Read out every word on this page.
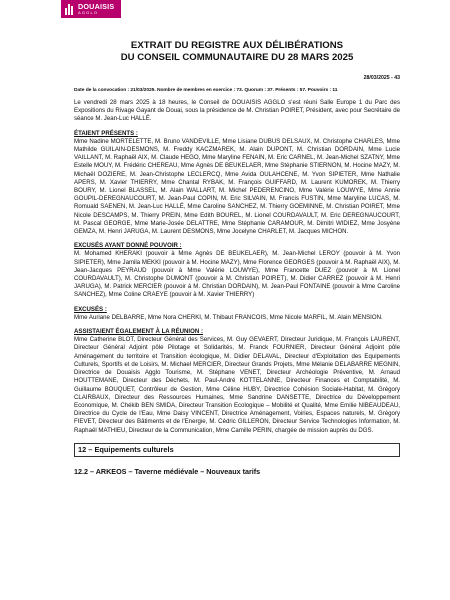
DOUAISIS
AGGLO
EXTRAIT DU REGISTRE AUX DÉLIBÉRATIONS
DU CONSEIL COMMUNAUTAIRE DU 28 MARS 2025
28/03/2025 - 43
Date de la convocation : 21/03/2025. Nombre de membres en exercice : 73. Quorum : 37. Présents : 57. Pouvoirs : 11

Le vendredi 28 mars 2025 à 18 heures, le Conseil de DOUAISIS AGGLO s'est réuni Salle Europe 1 du Parc des Expositions du Rivage Gayant de Douai, sous la présidence de M. Christian POIRET, Président, avec pour Secrétaire de séance M. Jean-Luc HALLÉ.

ÉTAIENT PRÉSENTS :

Mme Nadine MORTELETTE, M. Bruno VANDEVILLE, Mme Lisiane DUBUS DELSAUX, M. Christophe CHARLES, Mme Mathilde GUILAIN-DESMONS, M. Freddy KACZMAREK, M. Alain DUPONT, M. Christian DORDAIN, Mme Lucie VAILLANT, M. Raphaël AIX, M. Claude HEGO, Mme Maryline FENAIN, M. Eric CARNEL, M. Jean-Michel SZATNY, Mme Estelle MOUY, M. Frédéric CHEREAU, Mme Agnès DE BEUKELAER, Mme Stéphanie STIERNON, M. Hocine MAZY, M. Michaël DOZIERE, M. Jean-Christophe LECLERCQ, Mme Avida OULAHCENE, M. Yvon SIPIETER, Mme Nathalie APERS, M. Xavier THIERRY, Mme Chantal RYBAK, M. François GUIFFARD, M. Laurent KUMOREK, M. Thierry BOURY, M. Lionel BLASSEL, M. Alain WALLART, M. Michel PEDERENCINO, Mme Valérie LOUWYE, Mme Annie GOUPIL-DEREGNAUCOURT, M. Jean-Paul COPIN, M. Eric SILVAIN, M. Francis FUSTIN, Mme Maryline LUCAS, M. Romuald SAENEN, M. Jean-Luc HALLÉ, Mme Caroline SANCHEZ, M. Thierry GOEMINNE, M. Christian POIRET, Mme Nicole DESCAMPS, M. Thierry PREIN, Mme Edith BOUREL, M. Lionel COURDAVAULT, M. Eric DEREGNAUCOURT, M. Pascal GEORGE, Mme Marie-Josée DELATTRE, Mme Stéphanie CARAMOUR, M. Dimitri WIDIEZ, Mme Josyène GEMZA, M. Henri JARUGA, M. Laurent DESMONS, Mme Jocelyne CHARLET, M. Jacques MICHON.

EXCUSÉS AYANT DONNÉ POUVOIR :

M. Mohamed KHERAKI (pouvoir à Mme Agnès DE BEUKELAER), M. Jean-Michel LEROY (pouvoir à M. Yvon SIPIETER), Mme Jamila MEKKI (pouvoir à M. Hocine MAZY), Mme Florence GEORGES (pouvoir à M. Raphaël AIX), M. Jean-Jacques PEYRAUD (pouvoir à Mme Valérie LOUWYE), Mme Francette DUEZ (pouvoir à M. Lionel COURDAVAULT), M. Christophe DUMONT (pouvoir à M. Christian POIRET), M. Didier CARREZ (pouvoir à M. Henri JARUGA), M. Patrick MERCIER (pouvoir à M. Christian DORDAIN), M. Jean-Paul FONTAINE (pouvoir à Mme Caroline SANCHEZ), Mme Coline CRAEYE (pouvoir à M. Xavier THIERRY)

EXCUSÉS :

Mme Auriane DELBARRE, Mme Nora CHERKI, M. Thibaut FRANCOIS, Mme Nicole MARFIL, M. Alain MENSION.

ASSISTAIENT ÉGALEMENT À LA RÉUNION :

Mme Catherine BLOT, Directeur Général des Services, M. Guy GEVAERT, Directeur Juridique, M. François LAURENT, Directeur Général Adjoint pôle Pilotage et Solidarités, M. Franck FOURNIER, Directeur Général Adjoint pôle Aménagement du territoire et Transition écologique, M. Didier DELAVAL, Directeur d'Exploitation des Equipements Culturels, Sportifs et de Loisirs, M. Michael MERCIER, Directeur Grands Projets, Mme Mélanie DELABARRE MEGNIN, Directrice de Douaisis Agglo Tourisme, M. Stéphane VENET, Directeur Archéologie Préventive, M. Arnaud HOUTTEMANE, Directeur des Déchets, M. Paul-André KOTTELANNE, Directeur Finances et Comptabilité, M. Guillaume BOUQUET, Contrôleur de Gestion, Mme Céline HUBY, Directrice Cohésion Sociale-Habitat, M. Grégory CLAIRBAUX, Directeur des Ressources Humaines, Mme Sandrine DANSETTE, Directrice du Développement Economique, M. Chékib BEN SMIDA, Directeur Transition Ecologique – Mobilité et Qualité, Mme Emilie NIBEAUDEAU, Directrice du Cycle de l'Eau, Mme Daisy VINCENT, Directrice Aménagement, Voiries, Espaces naturels, M. Grégory FIEVET, Directeur des Bâtiments et de l'Energie, M. Cédric GILLERON, Directeur Service Technologies Information, M. Raphaël MATHIEU, Directeur de la Communication, Mme Camille PERIN, chargée de mission auprès du DGS.

12 – Equipements culturels
12.2 – ARKEOS – Taverne médiévale – Nouveaux tarifs
